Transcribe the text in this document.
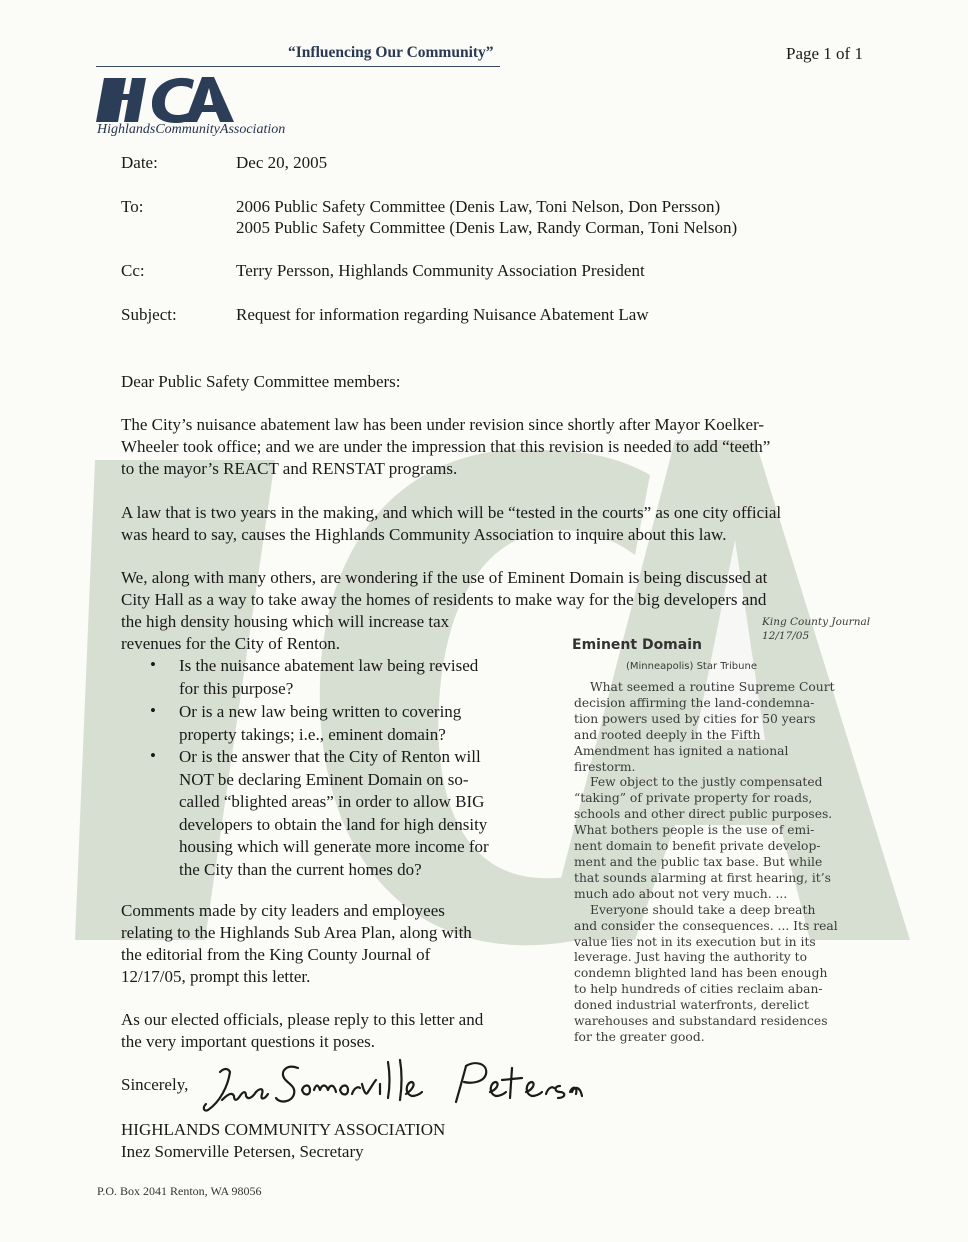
“Influencing Our Community”	Page 1 of 1
HighlandsCommunityAssociation
Date:	Dec 20, 2005
To:	2006 Public Safety Committee (Denis Law, Toni Nelson, Don Persson)
2005 Public Safety Committee (Denis Law, Randy Corman, Toni Nelson)
Cc:	Terry Persson, Highlands Community Association President
Subject:	Request for information regarding Nuisance Abatement Law
Dear Public Safety Committee members:
The City’s nuisance abatement law has been under revision since shortly after Mayor Koelker-
Wheeler took office; and we are under the impression that this revision is needed to add “teeth”
to the mayor’s REACT and RENSTAT programs.
A law that is two years in the making, and which will be “tested in the courts” as one city official
was heard to say, causes the Highlands Community Association to inquire about this law.
We, along with many others, are wondering if the use of Eminent Domain is being discussed at
City Hall as a way to take away the homes of residents to make way for the big developers and
the high density housing which will increase tax
revenues for the City of Renton.
• Is the nuisance abatement law being revised
for this purpose?
• Or is a new law being written to covering
property takings; i.e., eminent domain?
• Or is the answer that the City of Renton will
NOT be declaring Eminent Domain on so-
called “blighted areas” in order to allow BIG
developers to obtain the land for high density
housing which will generate more income for
the City than the current homes do?
Comments made by city leaders and employees
relating to the Highlands Sub Area Plan, along with
the editorial from the King County Journal of
12/17/05, prompt this letter.
As our elected officials, please reply to this letter and
the very important questions it poses.
King County Journal
12/17/05
Eminent Domain
(Minneapolis) Star Tribune
What seemed a routine Supreme Court
decision affirming the land-condemna-
tion powers used by cities for 50 years
and rooted deeply in the Fifth
Amendment has ignited a national
firestorm.
Few object to the justly compensated
“taking” of private property for roads,
schools and other direct public purposes.
What bothers people is the use of emi-
nent domain to benefit private develop-
ment and the public tax base. But while
that sounds alarming at first hearing, it’s
much ado about not very much. ...
Everyone should take a deep breath
and consider the consequences. ... Its real
value lies not in its execution but in its
leverage. Just having the authority to
condemn blighted land has been enough
to help hundreds of cities reclaim aban-
doned industrial waterfronts, derelict
warehouses and substandard residences
for the greater good.
Sincerely,
HIGHLANDS COMMUNITY ASSOCIATION
Inez Somerville Petersen, Secretary
P.O. Box 2041 Renton, WA 98056
